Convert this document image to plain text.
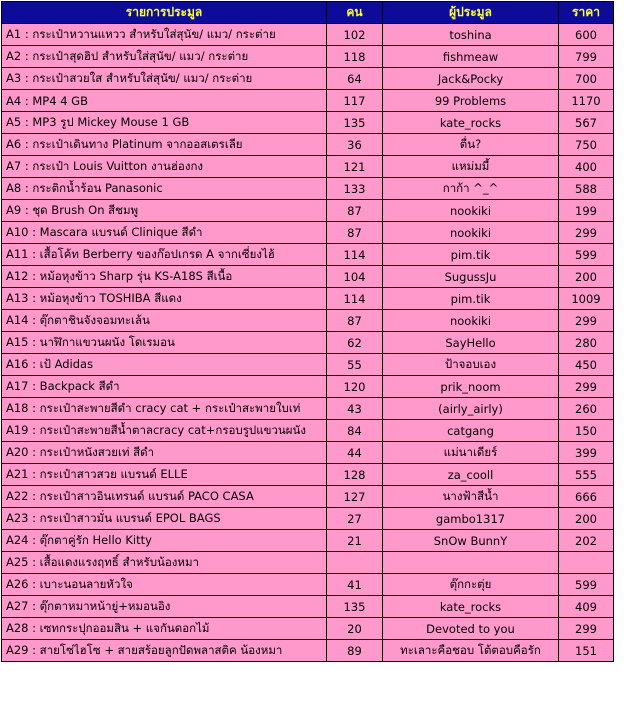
รายการประมูล	คน	ผู้ประมูล	ราคา
A1 : กระเป๋าหวานแหวว สำหรับใส่สุนัข/ แมว/ กระต่าย	102	toshina	600
A2 : กระเป๋าสุดฮิป สำหรับใส่สุนัข/ แมว/ กระต่าย	118	fishmeaw	799
A3 : กระเป๋าสวยใส สำหรับใส่สุนัข/ แมว/ กระต่าย	64	Jack&Pocky	700
A4 : MP4 4 GB	117	99 Problems	1170
A5 : MP3 รูป Mickey Mouse 1 GB	135	kate_rocks	567
A6 : กระเป๋าเดินทาง Platinum จากออสเตรเลีย	36	ตื่น?	750
A7 : กระเป๋า Louis Vuitton งานฮ่องกง	121	แหม่มมี้	400
A8 : กระติกน้ำร้อน Panasonic	133	กาก้า ^_^	588
A9 : ชุด Brush On สีชมพู	87	nookiki	199
A10 : Mascara แบรนด์ Clinique สีดำ	87	nookiki	299
A11 : เสื้อโค้ท Berberry ของก๊อปเกรด A จากเซี่ยงไฮ้	114	pim.tik	599
A12 : หม้อหุงข้าว Sharp รุ่น KS-A18S สีเนื้อ	104	SugussJu	200
A13 : หม้อหุงข้าว TOSHIBA สีแดง	114	pim.tik	1009
A14 : ตุ๊กตาชินจังจอมทะเล้น	87	nookiki	299
A15 : นาฬิกาแขวนผนัง โดเรมอน	62	SayHello	280
A16 : เป้ Adidas	55	ป้าจอบเอง	450
A17 : Backpack สีดำ	120	prik_noom	299
A18 : กระเป๋าสะพายสีดำ cracy cat + กระเป๋าสะพายใบเท่	43	(airly_airly)	260
A19 : กระเป๋าสะพายสีน้ำตาลcracy cat+กรอบรูปแขวนผนัง	84	catgang	150
A20 : กระเป๋าหนังสวยเท่ สีดำ	44	แม่นาเดียร์	399
A21 : กระเป๋าสาวสวย แบรนด์ ELLE	128	za_cooll	555
A22 : กระเป๋าสาวอินเทรนด์ แบรนด์ PACO CASA	127	นางฟ้าสีน้ำ	666
A23 : กระเป๋าสาวมั่น แบรนด์ EPOL BAGS	27	gambo1317	200
A24 : ตุ๊กตาคู่รัก Hello Kitty	21	SnOw BunnY	202
A25 : เสื้อแดงแรงฤทธิ์ สำหรับน้องหมา			
A26 : เบาะนอนลายหัวใจ	41	ตุ๊กกะตุ่ย	599
A27 : ตุ๊กตาหมาหน้ายู่+หมอนอิง	135	kate_rocks	409
A28 : เซทกระปุกออมสิน + แจกันดอกไม้	20	Devoted to you	299
A29 : สายโซ่ไฮโซ + สายสร้อยลูกปัดพลาสติค น้องหมา	89	ทะเลาะคือชอบ โต้ตอบคือรัก	151
